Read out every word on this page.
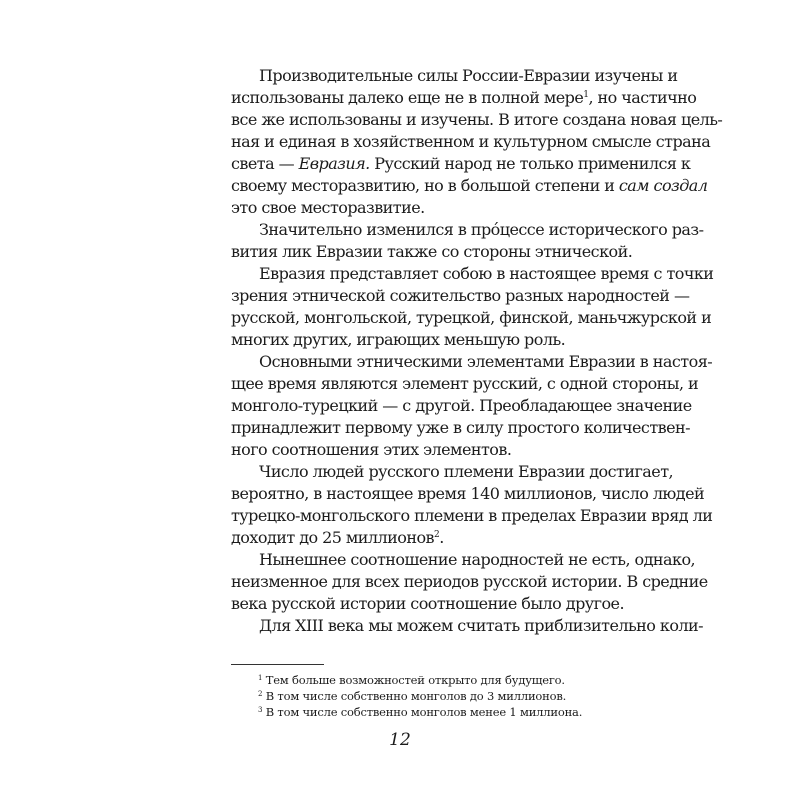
Производительные силы России-Евразии изучены и
использованы далеко еще не в полной мере$^1$, но частично
все же использованы и изучены. В итоге создана новая цель-
ная и единая в хозяйственном и культурном смысле страна
света — Евразия. Русский народ не только применился к
своему месторазвитию, но в большой степени и сам создал
это свое месторазвитие.
Значительно изменился в прóцессе исторического раз-
вития лик Евразии также со стороны этнической.
Евразия представляет собою в настоящее время с точки
зрения этнической сожительство разных народностей —
русской, монгольской, турецкой, финской, маньчжурской и
многих других, играющих меньшую роль.
Основными этническими элементами Евразии в настоя-
щее время являются элемент русский, с одной стороны, и
монголо-турецкий — с другой. Преобладающее значение
принадлежит первому уже в силу простого количествен-
ного соотношения этих элементов.
Число людей русского племени Евразии достигает,
вероятно, в настоящее время 140 миллионов, число людей
турецко-монгольского племени в пределах Евразии вряд ли
доходит до 25 миллионов$^2$.
Нынешнее соотношение народностей не есть, однако,
неизменное для всех периодов русской истории. В средние
века русской истории соотношение было другое.
Для XIII века мы можем считать приблизительно коли-
$^1$ Тем больше возможностей открыто для будущего.
$^2$ В том числе собственно монголов до 3 миллионов.
$^3$ В том числе собственно монголов менее 1 миллиона.
12
